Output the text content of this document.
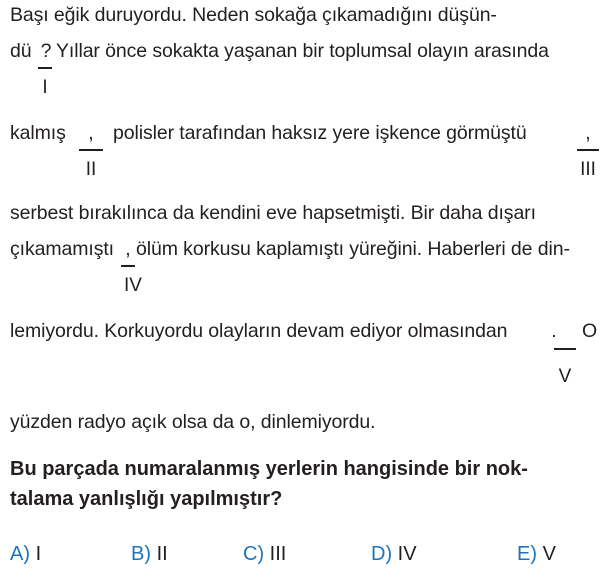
Başı eğik duruyordu. Neden sokağa çıkamadığını düşün-
dü ?
I
Yıllar önce sokakta yaşanan bir toplumsal olayın arasında
kalmış ,
II
polisler tarafından haksız yere işkence görmüştü	,
III
serbest bırakılınca da kendini eve hapsetmişti. Bir daha dışarı
çıkamamıştı ,
IV
ölüm korkusu kaplamıştı yüreğini. Haberleri de din-
lemiyordu. Korkuyordu olayların devam ediyor olmasından .
V
O
yüzden radyo açık olsa da o, dinlemiyordu.
Bu parçada numaralanmış yerlerin hangisinde bir nok-
talama yanlışlığı yapılmıştır?
A) I	B) II	C) III	D) IV	E) V
